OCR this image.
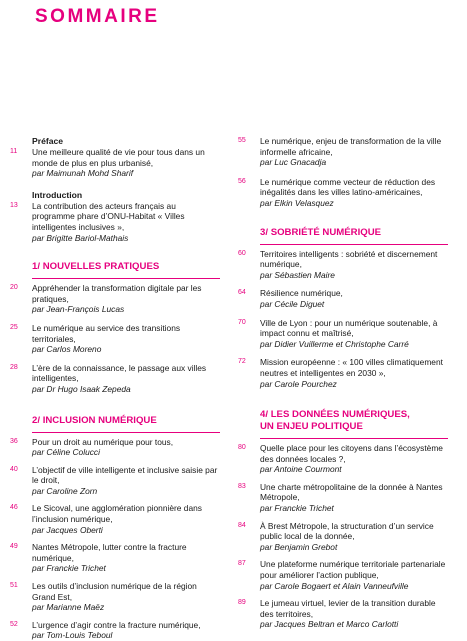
SOMMAIRE
Préface
11	Une meilleure qualité de vie pour tous dans un monde de plus en plus urbanisé,
par Maimunah Mohd Sharif
Introduction
13	La contribution des acteurs français au programme phare d’ONU-Habitat « Villes intelligentes inclusives »,
par Brigitte Bariol-Mathais
1/ NOUVELLES PRATIQUES
20	Appréhender la transformation digitale par les pratiques,
par Jean-François Lucas
25	Le numérique au service des transitions territoriales,
par Carlos Moreno
28	L’ère de la connaissance, le passage aux villes intelligentes,
par Dr Hugo Isaak Zepeda
2/ INCLUSION NUMÉRIQUE
36	Pour un droit au numérique pour tous,
par Céline Colucci
40	L’objectif de ville intelligente et inclusive saisie par le droit,
par Caroline Zorn
46	Le Sicoval, une agglomération pionnière dans l’inclusion numérique,
par Jacques Oberti
49	Nantes Métropole, lutter contre la fracture numérique,
par Franckie Trichet
51	Les outils d’inclusion numérique de la région Grand Est,
par Marianne Maëz
52	L’urgence d’agir contre la fracture numérique,
par Tom-Louis Teboul
55	Le numérique, enjeu de transformation de la ville informelle africaine,
par Luc Gnacadja
56	Le numérique comme vecteur de réduction des inégalités dans les villes latino-américaines,
par Elkin Velasquez
3/ SOBRIÉTÉ NUMÉRIQUE
60	Territoires intelligents : sobriété et discernement numérique,
par Sébastien Maire
64	Résilience numérique,
par Cécile Diguet
70	Ville de Lyon : pour un numérique soutenable, à impact connu et maîtrisé,
par Didier Vuillerme et Christophe Carré
72	Mission européenne : « 100 villes climatiquement neutres et intelligentes en 2030 »,
par Carole Pourchez
4/ LES DONNÉES NUMÉRIQUES,
UN ENJEU POLITIQUE
80	Quelle place pour les citoyens dans l’écosystème des données locales ?,
par Antoine Courmont
83	Une charte métropolitaine de la donnée à Nantes Métropole,
par Franckie Trichet
84	À Brest Métropole, la structuration d’un service public local de la donnée,
par Benjamin Grebot
87	Une plateforme numérique territoriale partenariale pour améliorer l’action publique,
par Carole Bogaert et Alain Vanneufville
89	Le jumeau virtuel, levier de la transition durable des territoires,
par Jacques Beltran et Marco Carlotti
